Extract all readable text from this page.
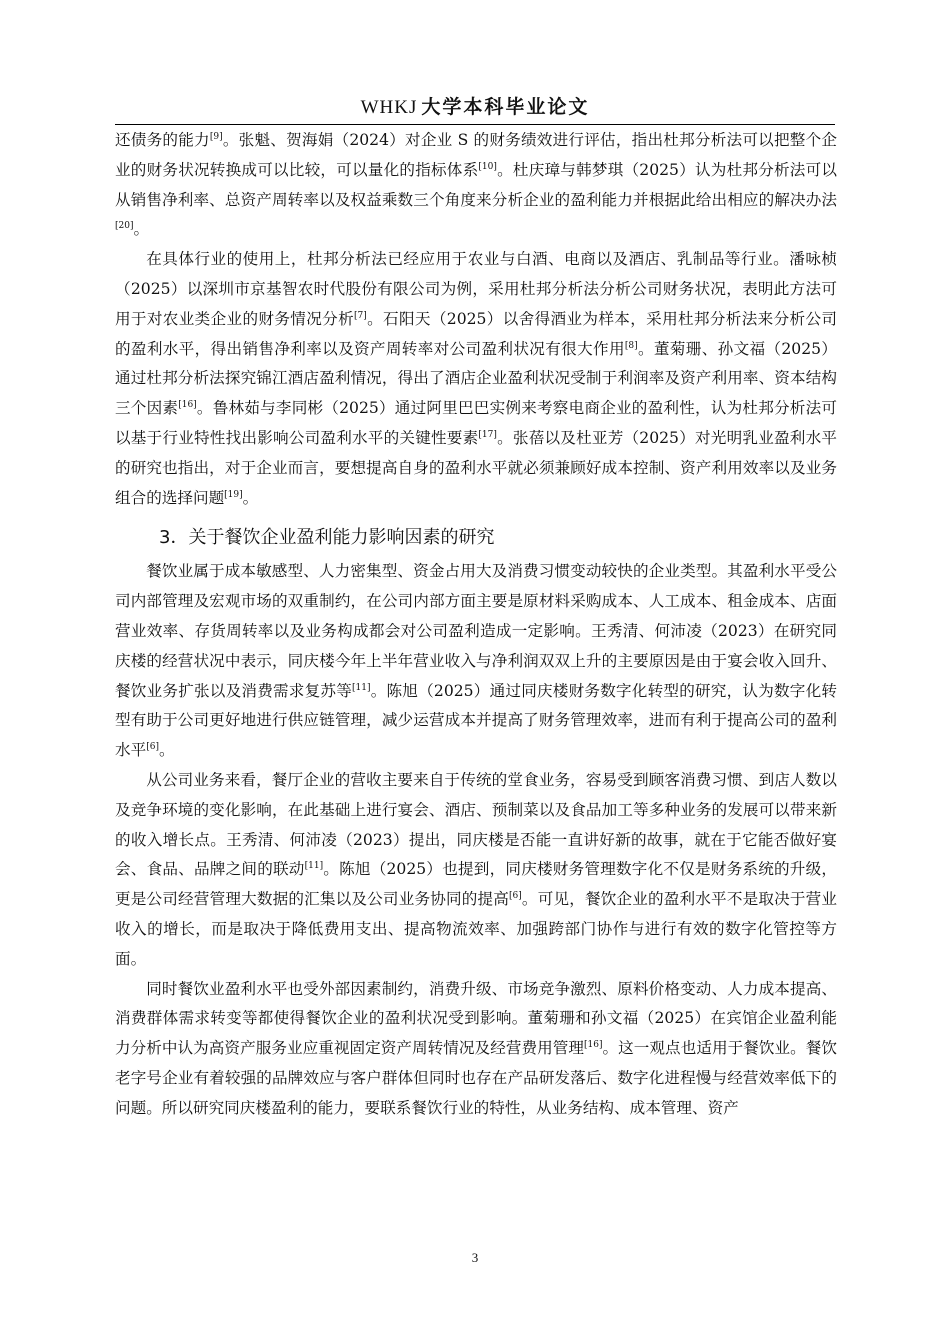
WHKJ 大学本科毕业论文

还债务的能力[9]。张魁、贺海娟（2024）对企业 S 的财务绩效进行评估，指出杜邦分析法可以把整个企业的财务状况转换成可以比较，可以量化的指标体系[10]。杜庆璋与韩梦琪（2025）认为杜邦分析法可以从销售净利率、总资产周转率以及权益乘数三个角度来分析企业的盈利能力并根据此给出相应的解决办法[20]。

在具体行业的使用上，杜邦分析法已经应用于农业与白酒、电商以及酒店、乳制品等行业。潘咏桢（2025）以深圳市京基智农时代股份有限公司为例，采用杜邦分析法分析公司财务状况，表明此方法可用于对农业类企业的财务情况分析[7]。石阳天（2025）以舍得酒业为样本，采用杜邦分析法来分析公司的盈利水平，得出销售净利率以及资产周转率对公司盈利状况有很大作用[8]。董菊珊、孙文福（2025）通过杜邦分析法探究锦江酒店盈利情况，得出了酒店企业盈利状况受制于利润率及资产利用率、资本结构三个因素[16]。鲁林茹与李同彬（2025）通过阿里巴巴实例来考察电商企业的盈利性，认为杜邦分析法可以基于行业特性找出影响公司盈利水平的关键性要素[17]。张蓓以及杜亚芳（2025）对光明乳业盈利水平的研究也指出，对于企业而言，要想提高自身的盈利水平就必须兼顾好成本控制、资产利用效率以及业务组合的选择问题[19]。

3．关于餐饮企业盈利能力影响因素的研究

餐饮业属于成本敏感型、人力密集型、资金占用大及消费习惯变动较快的企业类型。其盈利水平受公司内部管理及宏观市场的双重制约，在公司内部方面主要是原材料采购成本、人工成本、租金成本、店面营业效率、存货周转率以及业务构成都会对公司盈利造成一定影响。王秀清、何沛凌（2023）在研究同庆楼的经营状况中表示，同庆楼今年上半年营业收入与净利润双双上升的主要原因是由于宴会收入回升、餐饮业务扩张以及消费需求复苏等[11]。陈旭（2025）通过同庆楼财务数字化转型的研究，认为数字化转型有助于公司更好地进行供应链管理，减少运营成本并提高了财务管理效率，进而有利于提高公司的盈利水平[6]。

从公司业务来看，餐厅企业的营收主要来自于传统的堂食业务，容易受到顾客消费习惯、到店人数以及竞争环境的变化影响，在此基础上进行宴会、酒店、预制菜以及食品加工等多种业务的发展可以带来新的收入增长点。王秀清、何沛凌（2023）提出，同庆楼是否能一直讲好新的故事，就在于它能否做好宴会、食品、品牌之间的联动[11]。陈旭（2025）也提到，同庆楼财务管理数字化不仅是财务系统的升级，更是公司经营管理大数据的汇集以及公司业务协同的提高[6]。可见，餐饮企业的盈利水平不是取决于营业收入的增长，而是取决于降低费用支出、提高物流效率、加强跨部门协作与进行有效的数字化管控等方面。

同时餐饮业盈利水平也受外部因素制约，消费升级、市场竞争激烈、原料价格变动、人力成本提高、消费群体需求转变等都使得餐饮企业的盈利状况受到影响。董菊珊和孙文福（2025）在宾馆企业盈利能力分析中认为高资产服务业应重视固定资产周转情况及经营费用管理[16]。这一观点也适用于餐饮业。餐饮老字号企业有着较强的品牌效应与客户群体但同时也存在产品研发落后、数字化进程慢与经营效率低下的问题。所以研究同庆楼盈利的能力，要联系餐饮行业的特性，从业务结构、成本管理、资产

3
